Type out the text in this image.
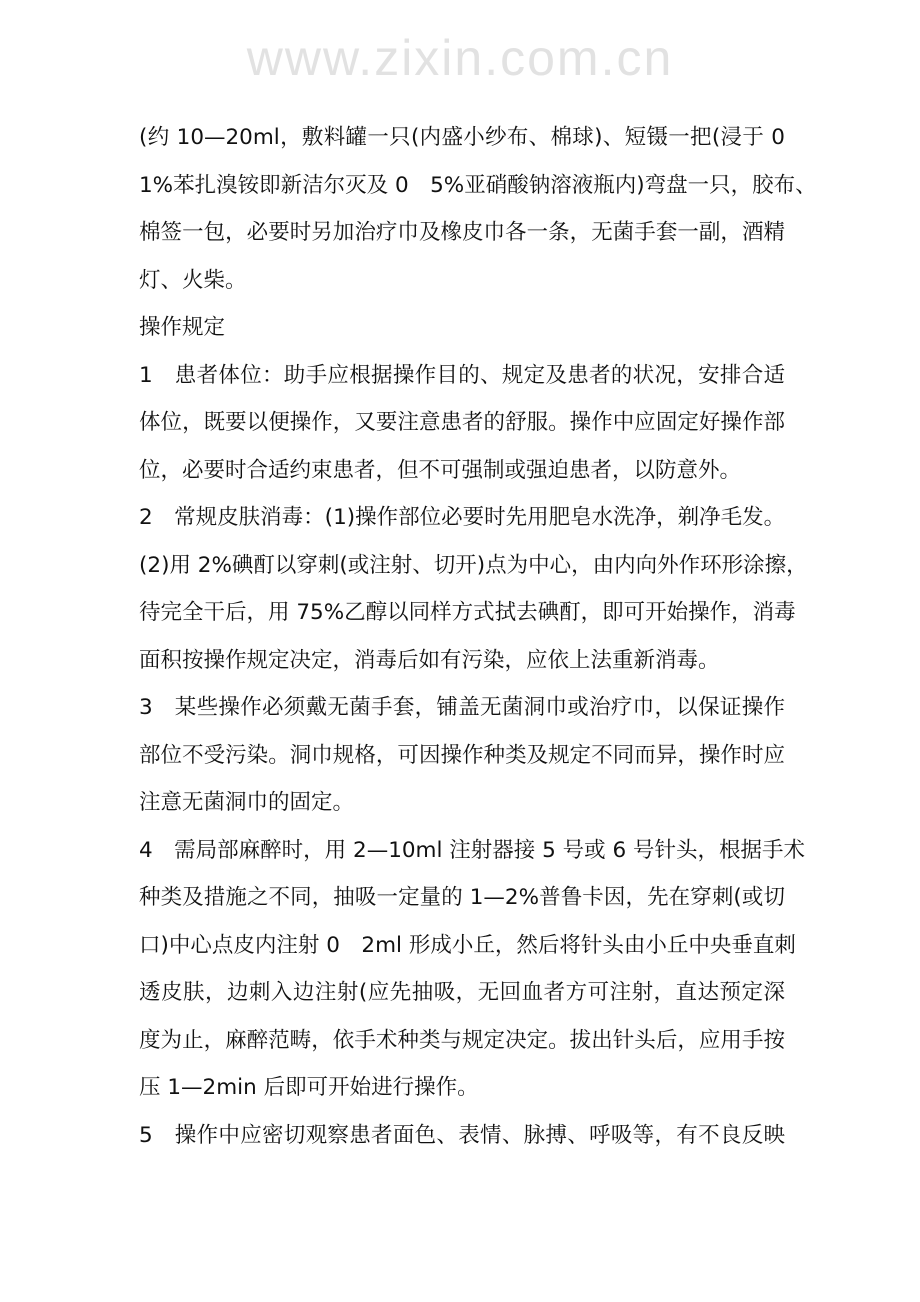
www.zixin.com.cn
(约 10—20ml，敷料罐一只(内盛小纱布、棉球)、短镊一把(浸于 0
1%苯扎溴铵即新洁尔灭及 0　5%亚硝酸钠溶液瓶内)弯盘一只，胶布、
棉签一包，必要时另加治疗巾及橡皮巾各一条，无菌手套一副，酒精
灯、火柴。
操作规定
1　患者体位：助手应根据操作目的、规定及患者的状况，安排合适
体位，既要以便操作，又要注意患者的舒服。操作中应固定好操作部
位，必要时合适约束患者，但不可强制或强迫患者，以防意外。
2　常规皮肤消毒：(1)操作部位必要时先用肥皂水洗净，剃净毛发。
(2)用 2%碘酊以穿刺(或注射、切开)点为中心，由内向外作环形涂擦，
待完全干后，用 75%乙醇以同样方式拭去碘酊，即可开始操作，消毒
面积按操作规定决定，消毒后如有污染，应依上法重新消毒。
3　某些操作必须戴无菌手套，铺盖无菌洞巾或治疗巾，以保证操作
部位不受污染。洞巾规格，可因操作种类及规定不同而异，操作时应
注意无菌洞巾的固定。
4　需局部麻醉时，用 2—10ml 注射器接 5 号或 6 号针头，根据手术
种类及措施之不同，抽吸一定量的 1—2%普鲁卡因，先在穿刺(或切
口)中心点皮内注射 0　2ml 形成小丘，然后将针头由小丘中央垂直刺
透皮肤，边刺入边注射(应先抽吸，无回血者方可注射，直达预定深
度为止，麻醉范畴，依手术种类与规定决定。拔出针头后，应用手按
压 1—2min 后即可开始进行操作。
5　操作中应密切观察患者面色、表情、脉搏、呼吸等，有不良反映
